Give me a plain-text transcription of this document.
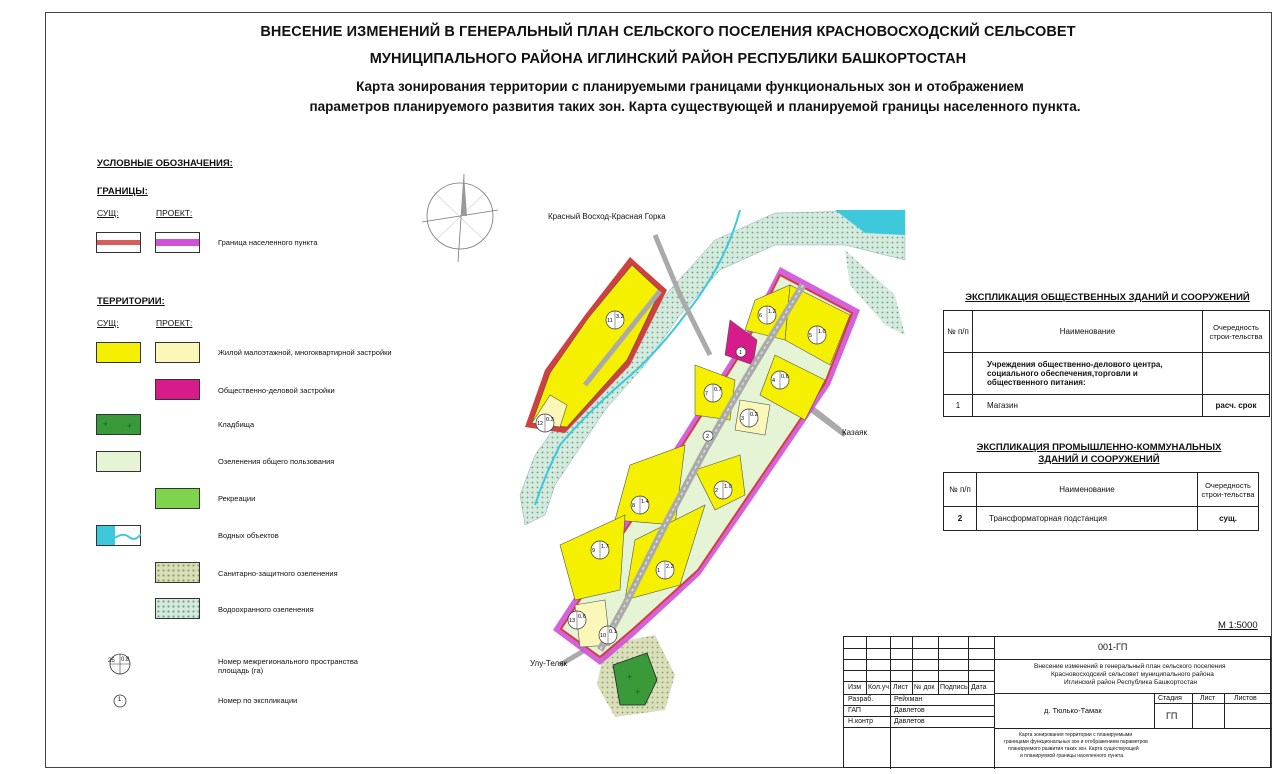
ВНЕСЕНИЕ ИЗМЕНЕНИЙ В ГЕНЕРАЛЬНЫЙ ПЛАН СЕЛЬСКОГО ПОСЕЛЕНИЯ КРАСНОВОСХОДСКИЙ СЕЛЬСОВЕТ
МУНИЦИПАЛЬНОГО РАЙОНА ИГЛИНСКИЙ РАЙОН РЕСПУБЛИКИ БАШКОРТОСТАН
Карта зонирования территории с планируемыми границами функциональных зон и отображением
параметров планируемого развития таких зон. Карта существующей и планируемой границы населенного пункта.
УСЛОВНЫЕ ОБОЗНАЧЕНИЯ:
ГРАНИЦЫ:
СУЩ:	ПРОЕКТ:
Граница населенного пункта
ТЕРРИТОРИИ:
СУЩ:	ПРОЕКТ:
Жилой малоэтажной, многоквартирной застройки
Общественно-деловой застройки
+ +	Кладбища
Озеленения общего пользования
Рекреации
Водных объектов
Санитарно-защитного озеленения
Водоохранного озеленения
25 0.8	Номер межрегионального пространства
площадь (га)
1	Номер по экспликации
+
+
11
3.2
12
0.3
6
1.2
5
1.0
7
0.7
4
0.6
3
0.2
8
1.4
2
1.0
9
1.7
1
2.2
13
0.6
10
0.1
1
2
Красный Восход-Красная Горка
Казаяк
Улу-Теляк
ЭКСПЛИКАЦИЯ ОБЩЕСТВЕННЫХ ЗДАНИЙ И СООРУЖЕНИЙ
№ п/п	Наименование	Очередность строи-тельства
	Учреждения общественно-делового центра, социального обеспечения,торговли и общественного питания:	
1	Магазин	расч. срок
ЭКСПЛИКАЦИЯ ПРОМЫШЛЕННО-КОММУНАЛЬНЫХ
ЗДАНИЙ И СООРУЖЕНИЙ
№ п/п	Наименование	Очередность строи-тельства
2	Трансформаторная подстанция	сущ.
М 1:5000
001-ГП
Внесение изменений в генеральный план сельского поселения
Красновосходский сельсовет муниципального района
Иглинский район Республика Башкортостан
Изм Кол.уч Лист № док Подпись Дата
Разраб.	Рейхман
ГАП	Давлетов
Н.контр	Давлетов
д. Тюлько-Тамак
Стадия	Лист	Листов
ГП
Карта зонирования территории с планируемыми
границами функциональных зон и отображением параметров
планируемого развития таких зон. Карта существующей
и планируемой границы населенного пункта.
